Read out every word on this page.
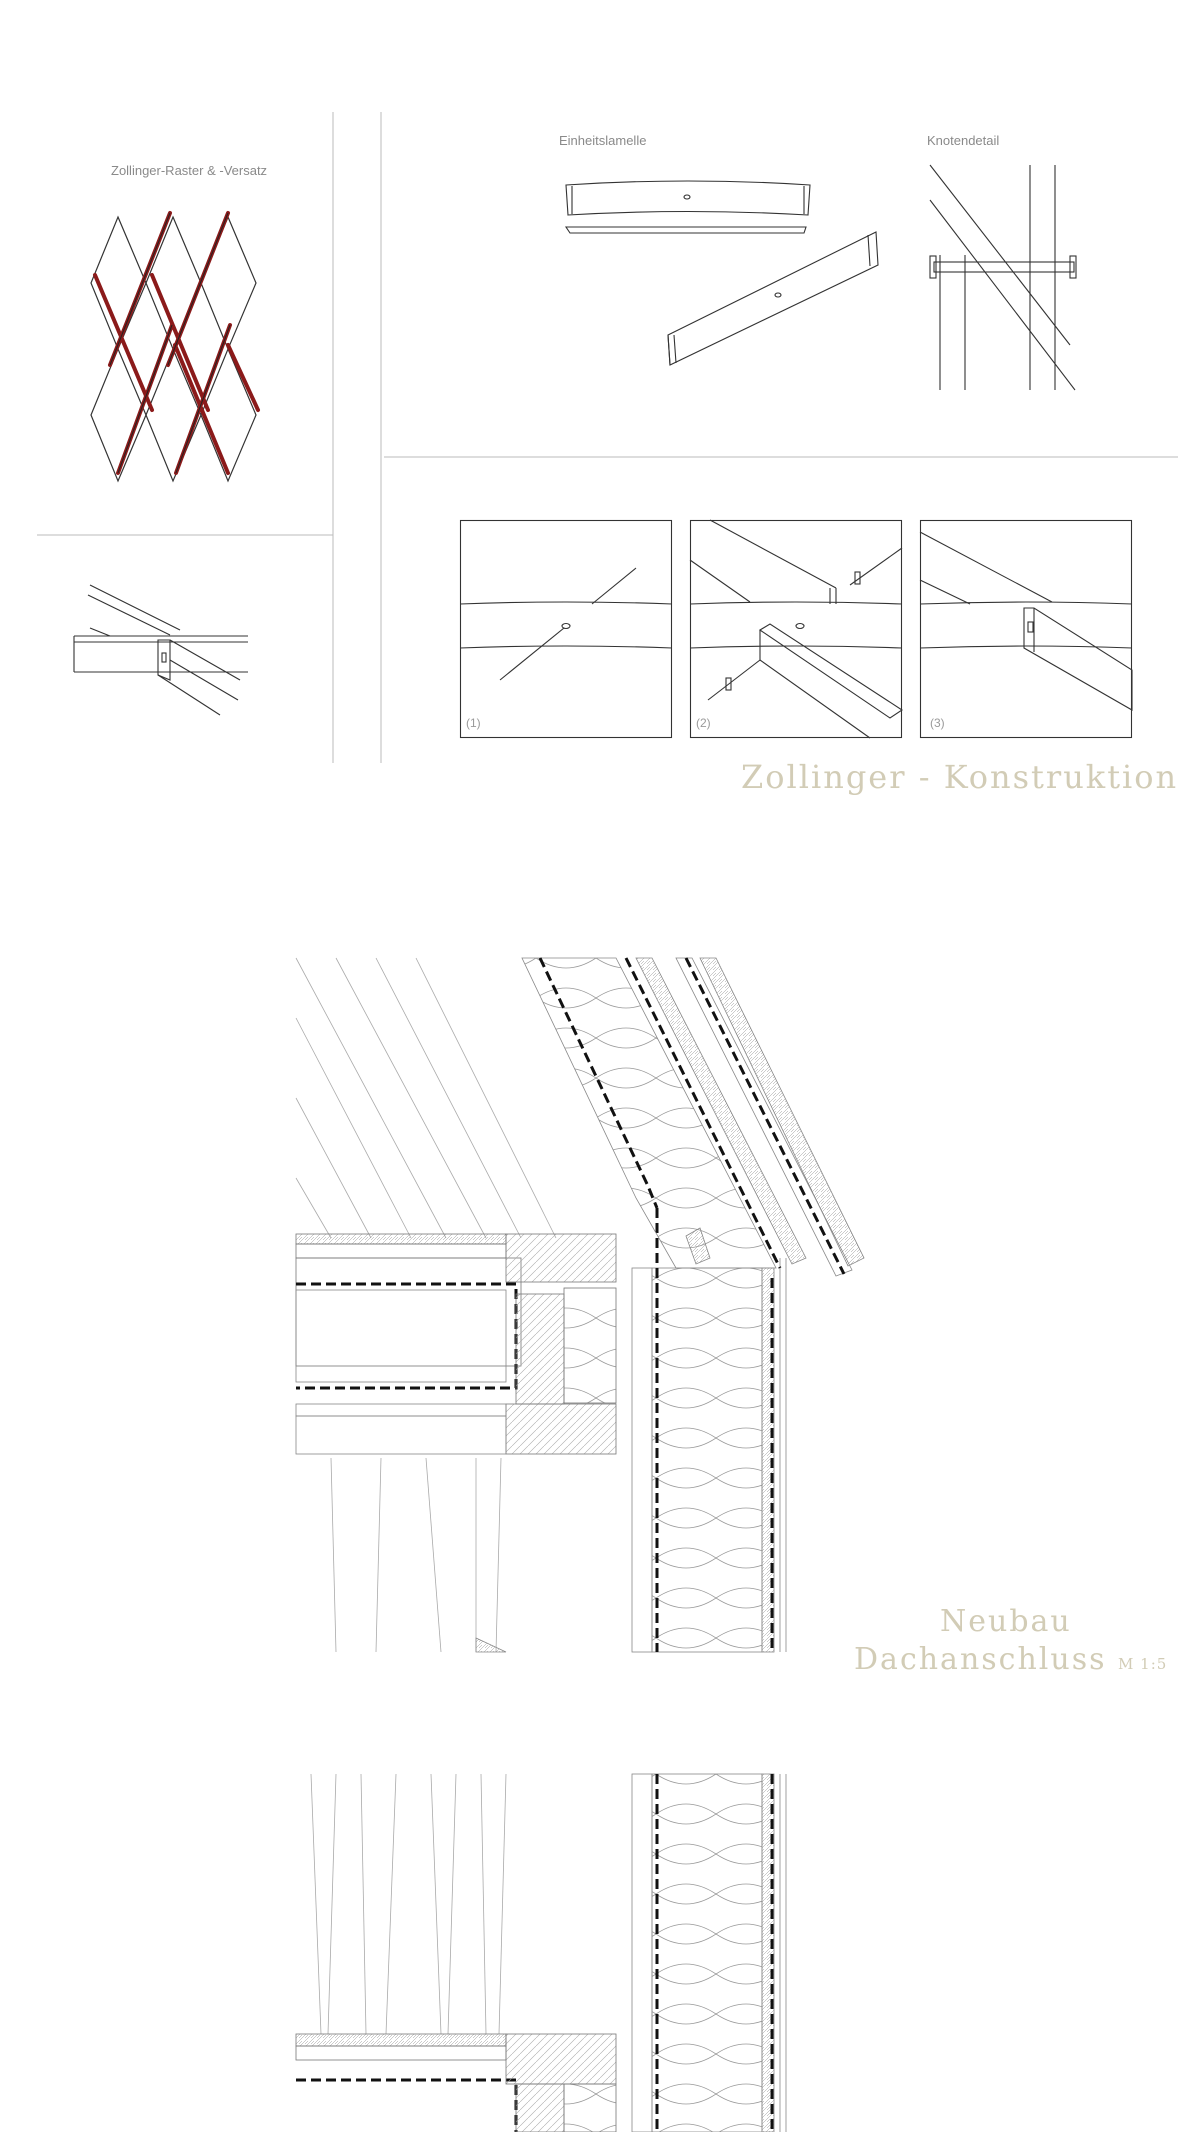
Zollinger-Raster & -Versatz
Einheitslamelle	Knotendetail
(1)	(2)	(3)
Zollinger - Konstruktion
Neubau
Dachanschluss M 1:5
